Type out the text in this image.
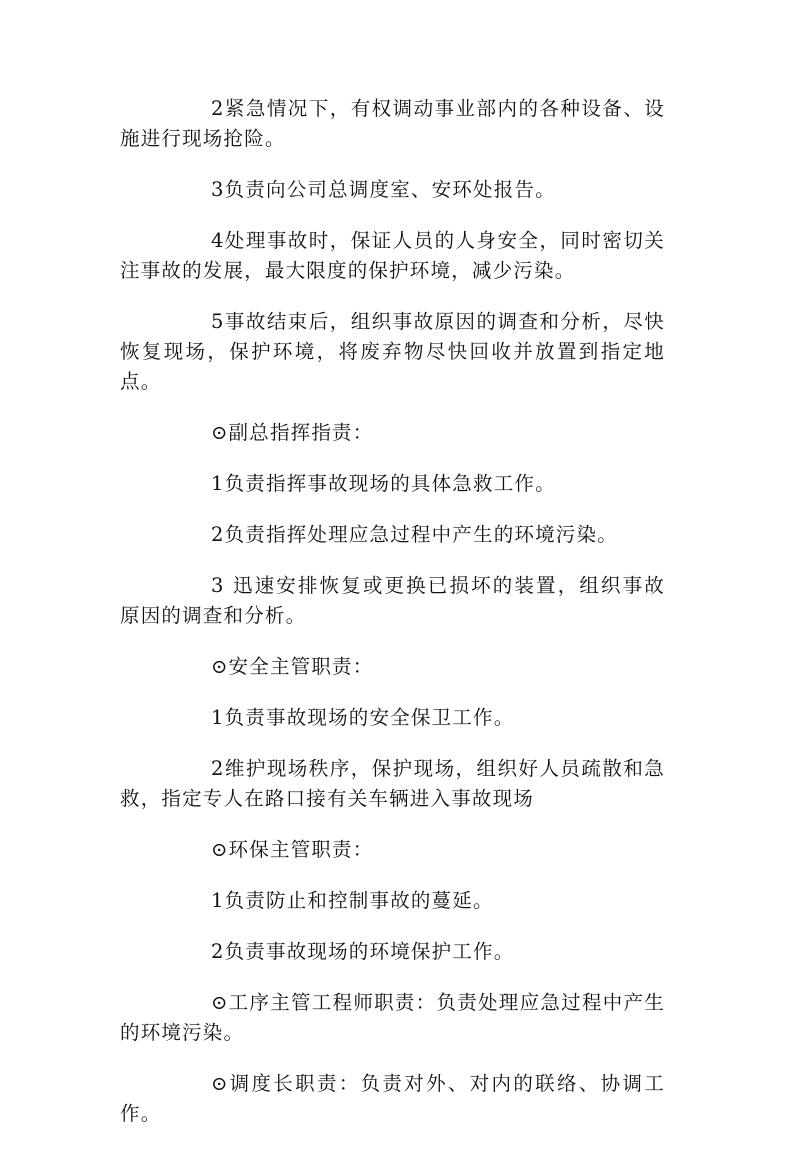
2紧急情况下，有权调动事业部内的各种设备、设施进行现场抢险。

3负责向公司总调度室、安环处报告。

4处理事故时，保证人员的人身安全，同时密切关注事故的发展，最大限度的保护环境，减少污染。

5事故结束后，组织事故原因的调查和分析，尽快恢复现场，保护环境，将废弃物尽快回收并放置到指定地点。

⊙副总指挥指责：

1负责指挥事故现场的具体急救工作。

2负责指挥处理应急过程中产生的环境污染。

3 迅速安排恢复或更换已损坏的装置，组织事故原因的调查和分析。

⊙安全主管职责：

1负责事故现场的安全保卫工作。

2维护现场秩序，保护现场，组织好人员疏散和急救，指定专人在路口接有关车辆进入事故现场

⊙环保主管职责：

1负责防止和控制事故的蔓延。

2负责事故现场的环境保护工作。

⊙工序主管工程师职责：负责处理应急过程中产生的环境污染。

⊙调度长职责：负责对外、对内的联络、协调工作。
